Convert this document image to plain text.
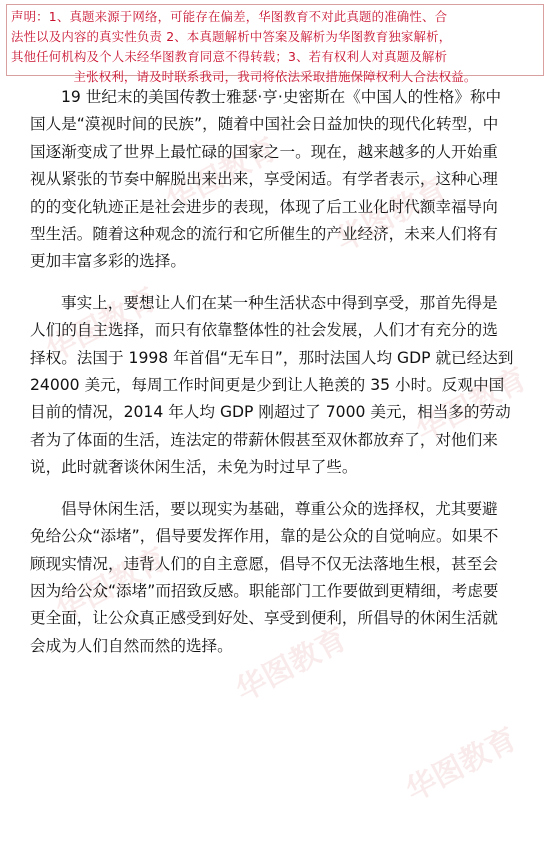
声明：1、真题来源于网络，可能存在偏差，华图教育不对此真题的准确性、合
法性以及内容的真实性负责 2、本真题解析中答案及解析为华图教育独家解析，
其他任何机构及个人未经华图教育同意不得转载；3、若有权利人对真题及解析
主张权利，请及时联系我司，我司将依法采取措施保障权利人合法权益。
华图教育 华图教育
华图教育
华图教育
华图教育
华图教育
华图教育
19 世纪末的美国传教士雅瑟·亨·史密斯在《中国人的性格》称中
国人是“漠视时间的民族”，随着中国社会日益加快的现代化转型，中
国逐渐变成了世界上最忙碌的国家之一。现在，越来越多的人开始重
视从紧张的节奏中解脱出来出来，享受闲适。有学者表示，这种心理
的的变化轨迹正是社会进步的表现，体现了后工业化时代额幸福导向
型生活。随着这种观念的流行和它所催生的产业经济，未来人们将有
更加丰富多彩的选择。
事实上，要想让人们在某一种生活状态中得到享受，那首先得是
人们的自主选择，而只有依靠整体性的社会发展，人们才有充分的选
择权。法国于 1998 年首倡“无车日”，那时法国人均 GDP 就已经达到
24000 美元，每周工作时间更是少到让人艳羡的 35 小时。反观中国
目前的情况，2014 年人均 GDP 刚超过了 7000 美元，相当多的劳动
者为了体面的生活，连法定的带薪休假甚至双休都放弃了，对他们来
说，此时就奢谈休闲生活，未免为时过早了些。
倡导休闲生活，要以现实为基础，尊重公众的选择权，尤其要避
免给公众“添堵”，倡导要发挥作用，靠的是公众的自觉响应。如果不
顾现实情况，违背人们的自主意愿，倡导不仅无法落地生根，甚至会
因为给公众“添堵”而招致反感。职能部门工作要做到更精细，考虑要
更全面，让公众真正感受到好处、享受到便利，所倡导的休闲生活就
会成为人们自然而然的选择。
